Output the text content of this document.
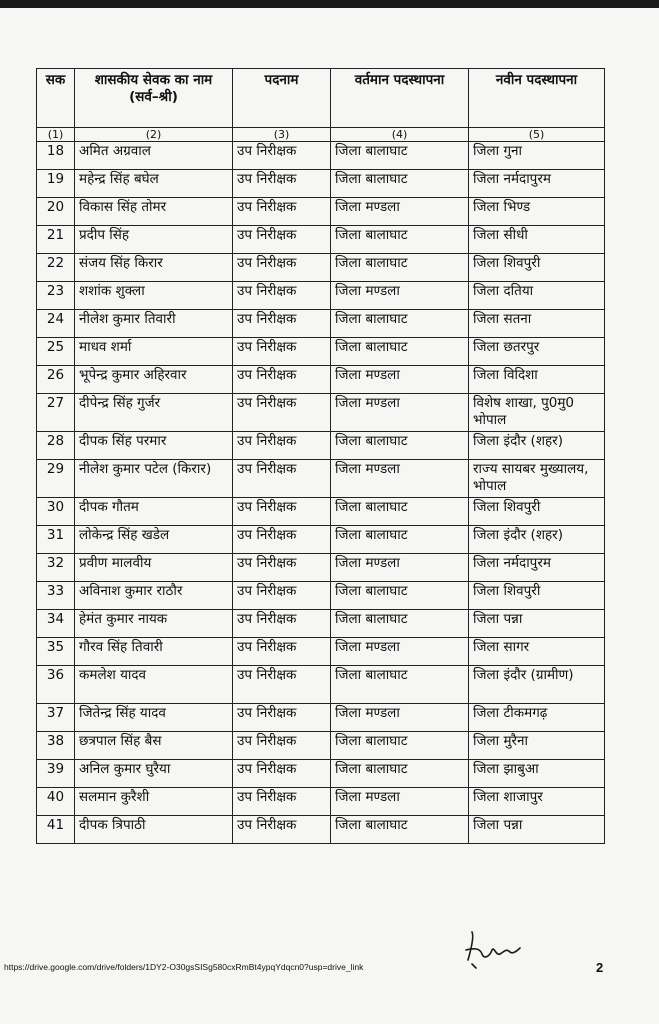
सक	शासकीय सेवक का नाम (सर्व–श्री)	पदनाम	वर्तमान पदस्थापना	नवीन पदस्थापना
(1)	(2)	(3)	(4)	(5)
18	अमित अग्रवाल	उप निरीक्षक	जिला बालाघाट	जिला गुना
19	महेन्द्र सिंह बघेल	उप निरीक्षक	जिला बालाघाट	जिला नर्मदापुरम
20	विकास सिंह तोमर	उप निरीक्षक	जिला मण्डला	जिला भिण्ड
21	प्रदीप सिंह	उप निरीक्षक	जिला बालाघाट	जिला सीधी
22	संजय सिंह किरार	उप निरीक्षक	जिला बालाघाट	जिला शिवपुरी
23	शशांक शुक्ला	उप निरीक्षक	जिला मण्डला	जिला दतिया
24	नीलेश कुमार तिवारी	उप निरीक्षक	जिला बालाघाट	जिला सतना
25	माधव शर्मा	उप निरीक्षक	जिला बालाघाट	जिला छतरपुर
26	भूपेन्द्र कुमार अहिरवार	उप निरीक्षक	जिला मण्डला	जिला विदिशा
27	दीपेन्द्र सिंह गुर्जर	उप निरीक्षक	जिला मण्डला	विशेष शाखा, पु0मु0 भोपाल
28	दीपक सिंह परमार	उप निरीक्षक	जिला बालाघाट	जिला इंदौर (शहर)
29	नीलेश कुमार पटेल (किरार)	उप निरीक्षक	जिला मण्डला	राज्य सायबर मुख्यालय, भोपाल
30	दीपक गौतम	उप निरीक्षक	जिला बालाघाट	जिला शिवपुरी
31	लोकेन्द्र सिंह खडेल	उप निरीक्षक	जिला बालाघाट	जिला इंदौर (शहर)
32	प्रवीण मालवीय	उप निरीक्षक	जिला मण्डला	जिला नर्मदापुरम
33	अविनाश कुमार राठौर	उप निरीक्षक	जिला बालाघाट	जिला शिवपुरी
34	हेमंत कुमार नायक	उप निरीक्षक	जिला बालाघाट	जिला पन्ना
35	गौरव सिंह तिवारी	उप निरीक्षक	जिला मण्डला	जिला सागर
36	कमलेश यादव	उप निरीक्षक	जिला बालाघाट	जिला इंदौर (ग्रामीण)
37	जितेन्द्र सिंह यादव	उप निरीक्षक	जिला मण्डला	जिला टीकमगढ़
38	छत्रपाल सिंह बैस	उप निरीक्षक	जिला बालाघाट	जिला मुरैना
39	अनिल कुमार घुरैया	उप निरीक्षक	जिला बालाघाट	जिला झाबुआ
40	सलमान कुरैशी	उप निरीक्षक	जिला मण्डला	जिला शाजापुर
41	दीपक त्रिपाठी	उप निरीक्षक	जिला बालाघाट	जिला पन्ना
https://drive.google.com/drive/folders/1DY2-O30gsSISg580cxRmBt4ypqYdqcn0?usp=drive_link	2
